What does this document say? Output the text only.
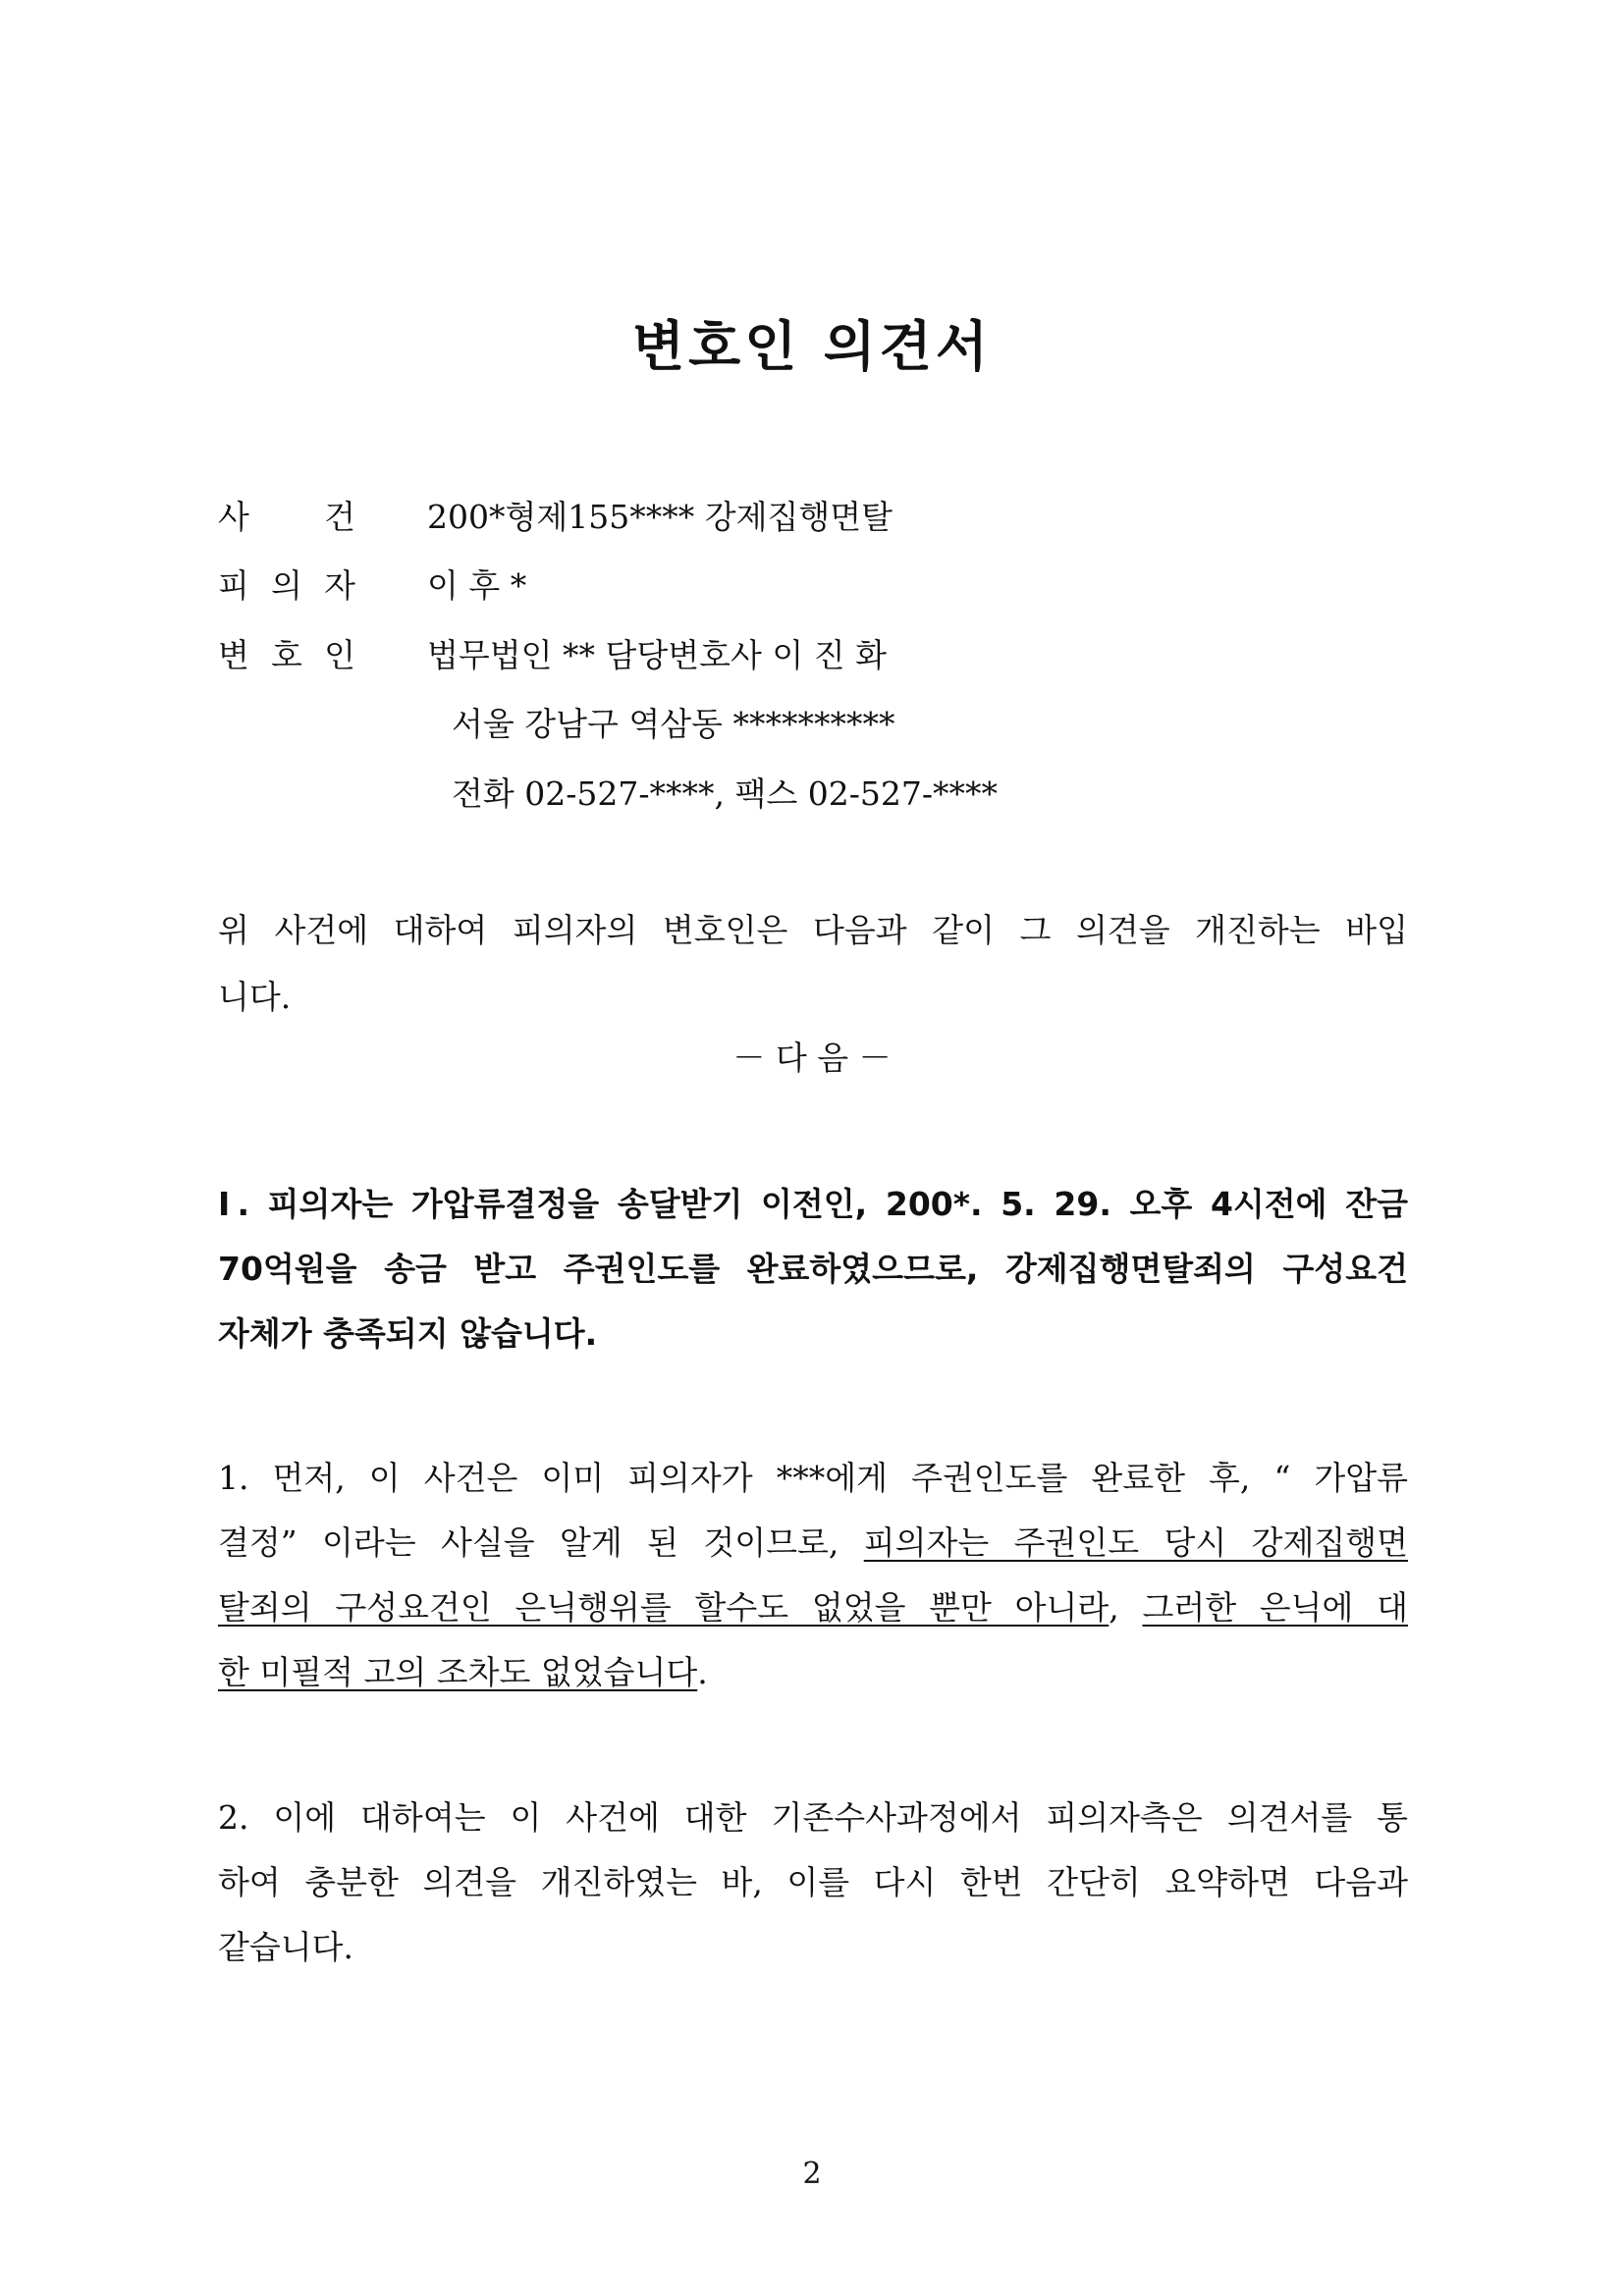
변호인 의견서
사 건 200*형제155**** 강제집행면탈
피 의 자 이 후 *
변 호 인 법무법인 ** 담당변호사 이 진 화
서울 강남구 역삼동 **********
전화 02-527-****, 팩스 02-527-****

위 사건에 대하여 피의자의 변호인은 다음과 같이 그 의견을 개진하는 바입

니다.

－ 다 음 －
Ⅰ. 피의자는 가압류결정을 송달받기 이전인, 200*. 5. 29. 오후 4시전에 잔금
70억원을 송금 받고 주권인도를 완료하였으므로, 강제집행면탈죄의 구성요건
자체가 충족되지 않습니다.
1. 먼저, 이 사건은 이미 피의자가 ***에게 주권인도를 완료한 후, “ 가압류
결정” 이라는 사실을 알게 된 것이므로, 피의자는 주권인도 당시 강제집행면
탈죄의 구성요건인 은닉행위를 할수도 없었을 뿐만 아니라, 그러한 은닉에 대
한 미필적 고의 조차도 없었습니다.
2. 이에 대하여는 이 사건에 대한 기존수사과정에서 피의자측은 의견서를 통
하여 충분한 의견을 개진하였는 바, 이를 다시 한번 간단히 요약하면 다음과
같습니다.
2
